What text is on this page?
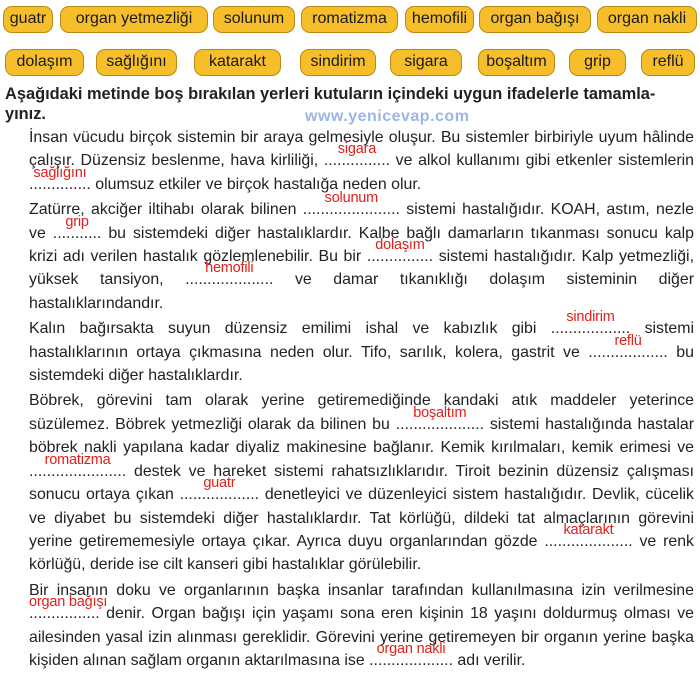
guatr	organ yetmezliği	solunum	romatizma	hemofili	organ bağışı	organ nakli
dolaşım	sağlığını	katarakt	sindirim	sigara	boşaltım	grip	reflü

Aşağıdaki metinde boş bırakılan yerleri kutuların içindeki uygun ifadelerle tamamla-yınız.	www.yenicevap.com

İnsan vücudu birçok sistemin bir araya gelmesiyle oluşur. Bu sistemler birbiriyle uyum hâlinde çalışır. Düzensiz beslenme, hava kirliliği, .......
sigara
........ ve alkol kullanımı gibi etkenler sistemlerin .....
sağlığını
......... olumsuz etkiler ve birçok hastalığa neden olur.

Zatürre, akciğer iltihabı olarak bilinen ...........
solunum
........... sistemi hastalığıdır. KOAH, astım, nezle ve .....
grip
...... bu sistemdeki diğer hastalıklardır. Kalbe bağlı damarların tıkanması sonucu kalp krizi adı verilen hastalık gözlemlenebilir. Bu bir .......
dolaşım
........ sistemi hastalığıdır. Kalp yetmezliği, yüksek tansiyon, ..........
hemofili
.......... ve damar tıkanıklığı dolaşım sisteminin diğer hastalıklarındandır.

Kalın bağırsakta suyun düzensiz emilimi ishal ve kabızlık gibi .........
sindirim
......... sistemi hastalıklarının ortaya çıkmasına neden olur. Tifo, sarılık, kolera, gastrit ve .........
reflü
......... bu sistemdeki diğer hastalıklardır.

Böbrek, görevini tam olarak yerine getiremediğinde kandaki atık maddeler yeterince süzülemez. Böbrek yetmezliği olarak da bilinen bu ..........
boşaltım
.......... sistemi hastalığında hastalar böbrek nakli yapılana kadar diyaliz makinesine bağlanır. Kemik kırılmaları, kemik erimesi ve ...........
romatizma
........... destek ve hareket sistemi rahatsızlıklarıdır. Tiroit bezinin düzensiz çalışması sonucu ortaya çıkan .........
guatr
......... denetleyici ve düzenleyici sistem hastalığıdır. Devlik, cücelik ve diyabet bu sistemdeki diğer hastalıklardır. Tat körlüğü, dildeki tat almaçlarının görevini yerine getirememesiyle ortaya çıkar. Ayrıca duyu organlarından gözde ..........
katarakt
.......... ve renk körlüğü, deride ise cilt kanseri gibi hastalıklar görülebilir.

Bir insanın doku ve organlarının başka insanlar tarafından kullanılmasına izin verilmesine ........
organ bağışı
........ denir. Organ bağışı için yaşamı sona eren kişinin 18 yaşını doldurmuş olması ve ailesinden yasal izin alınması gereklidir. Görevini yerine getiremeyen bir organın yerine başka kişiden alınan sağlam organın aktarılmasına ise .........
organ nakli
.......... adı verilir.
